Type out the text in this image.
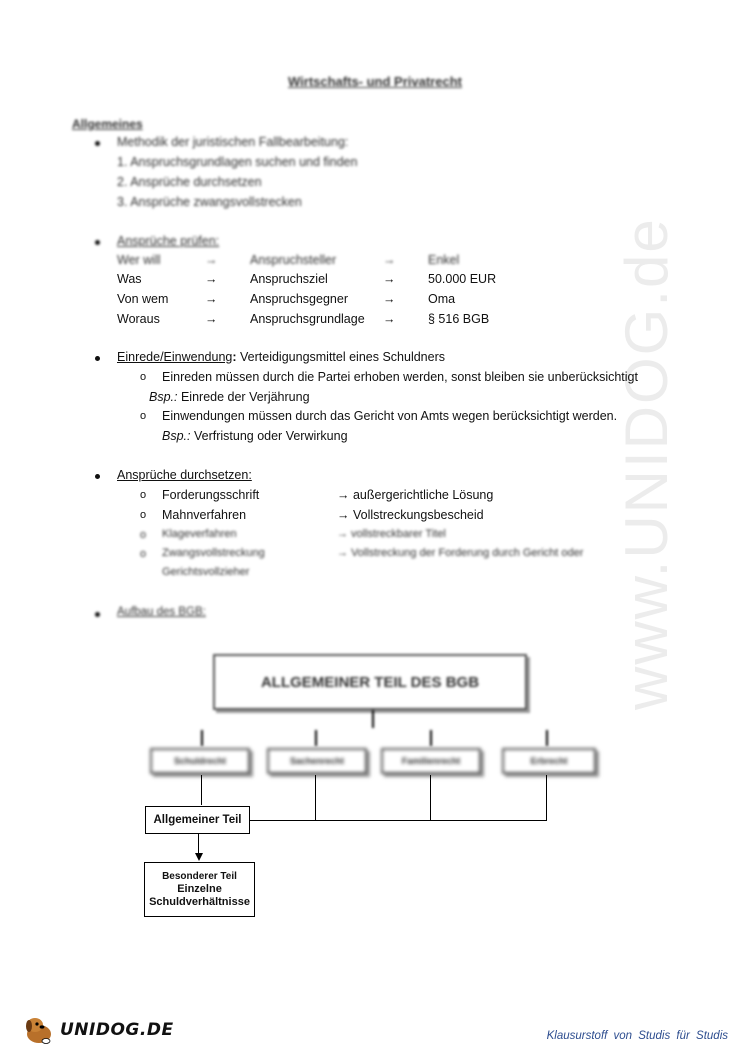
www.UNIDOG.de
Wirtschafts- und Privatrecht
Allgemeines
Methodik der juristischen Fallbearbeitung:
1. Anspruchsgrundlagen suchen und finden
2. Ansprüche durchsetzen
3. Ansprüche zwangsvollstrecken
Ansprüche prüfen:
Wer will	→	Anspruchsteller	→	Enkel
Was	→	Anspruchsziel	→	50.000 EUR
Von wem	→	Anspruchsgegner	→	Oma
Woraus	→	Anspruchsgrundlage →	§ 516 BGB
Einrede/Einwendung: Verteidigungsmittel eines Schuldners
o Einreden müssen durch die Partei erhoben werden, sonst bleiben sie unberücksichtigt
Bsp.: Einrede der Verjährung
o Einwendungen müssen durch das Gericht von Amts wegen berücksichtigt werden.
Bsp.: Verfristung oder Verwirkung
Ansprüche durchsetzen:
o Forderungsschrift	→ außergerichtliche Lösung
o Mahnverfahren	→ Vollstreckungsbescheid
o Klageverfahren	→ vollstreckbarer Titel
o Zwangsvollstreckung	→ Vollstreckung der Forderung durch Gericht oder
Gerichtsvollzieher
Aufbau des BGB:
ALLGEMEINER TEIL DES BGB
Schuldrecht	Sachenrecht	Familienrecht	Erbrecht
Allgemeiner Teil
Besonderer Teil
Einzelne
Schuldverhältnisse
UNIDOG.DE	Klausurstoff von Studis für Studis
